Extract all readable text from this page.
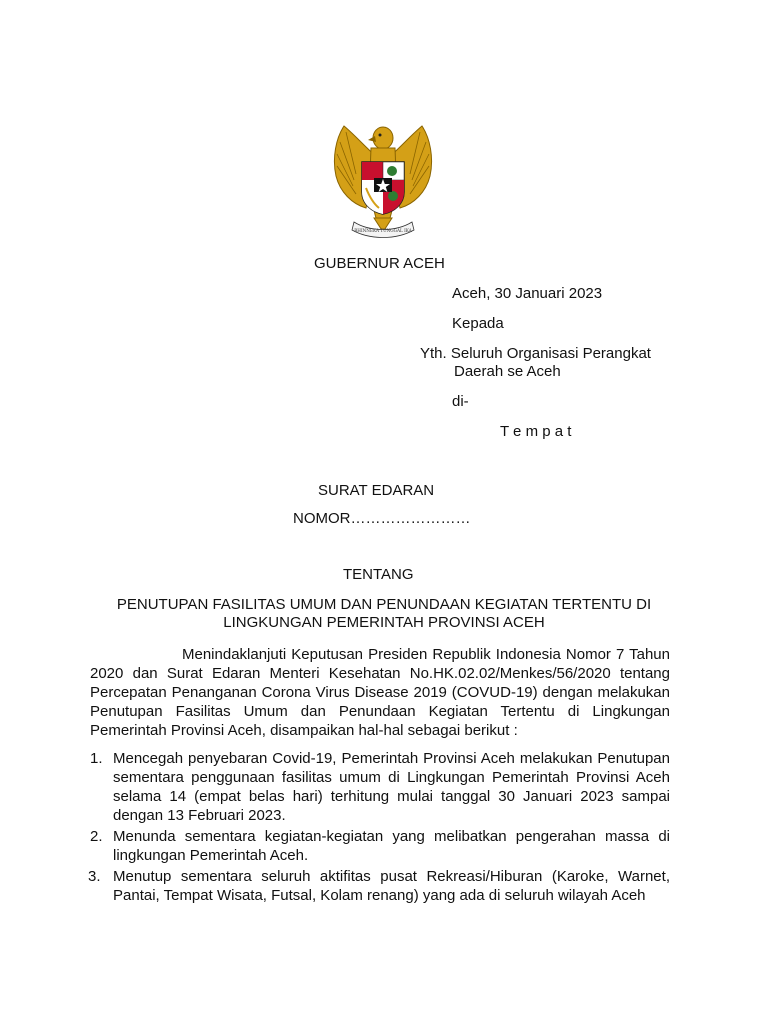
BHINNEKA TUNGGAL IKA
GUBERNUR ACEH
Aceh, 30 Januari 2023
Kepada
Yth. Seluruh Organisasi Perangkat
Daerah se Aceh
di-
T e m p a t
SURAT EDARAN
NOMOR……………………
TENTANG
PENUTUPAN FASILITAS UMUM DAN PENUNDAAN KEGIATAN TERTENTU DI
LINGKUNGAN PEMERINTAH PROVINSI ACEH
Menindaklanjuti Keputusan Presiden Republik Indonesia Nomor 7 Tahun 2020 dan Surat Edaran Menteri Kesehatan No.HK.02.02/Menkes/56/2020 tentang Percepatan Penanganan Corona Virus Disease 2019 (COVUD-19) dengan melakukan Penutupan Fasilitas Umum dan Penundaan Kegiatan Tertentu di Lingkungan Pemerintah Provinsi Aceh, disampaikan hal-hal sebagai berikut :
1. Mencegah penyebaran Covid-19, Pemerintah Provinsi Aceh melakukan Penutupan sementara penggunaan fasilitas umum di Lingkungan Pemerintah Provinsi Aceh selama 14 (empat belas hari) terhitung mulai tanggal 30 Januari 2023 sampai dengan 13 Februari 2023.
2. Menunda sementara kegiatan-kegiatan yang melibatkan pengerahan massa di lingkungan Pemerintah Aceh.
3. Menutup sementara seluruh aktifitas pusat Rekreasi/Hiburan (Karoke, Warnet, Pantai, Tempat Wisata, Futsal, Kolam renang) yang ada di seluruh wilayah Aceh
